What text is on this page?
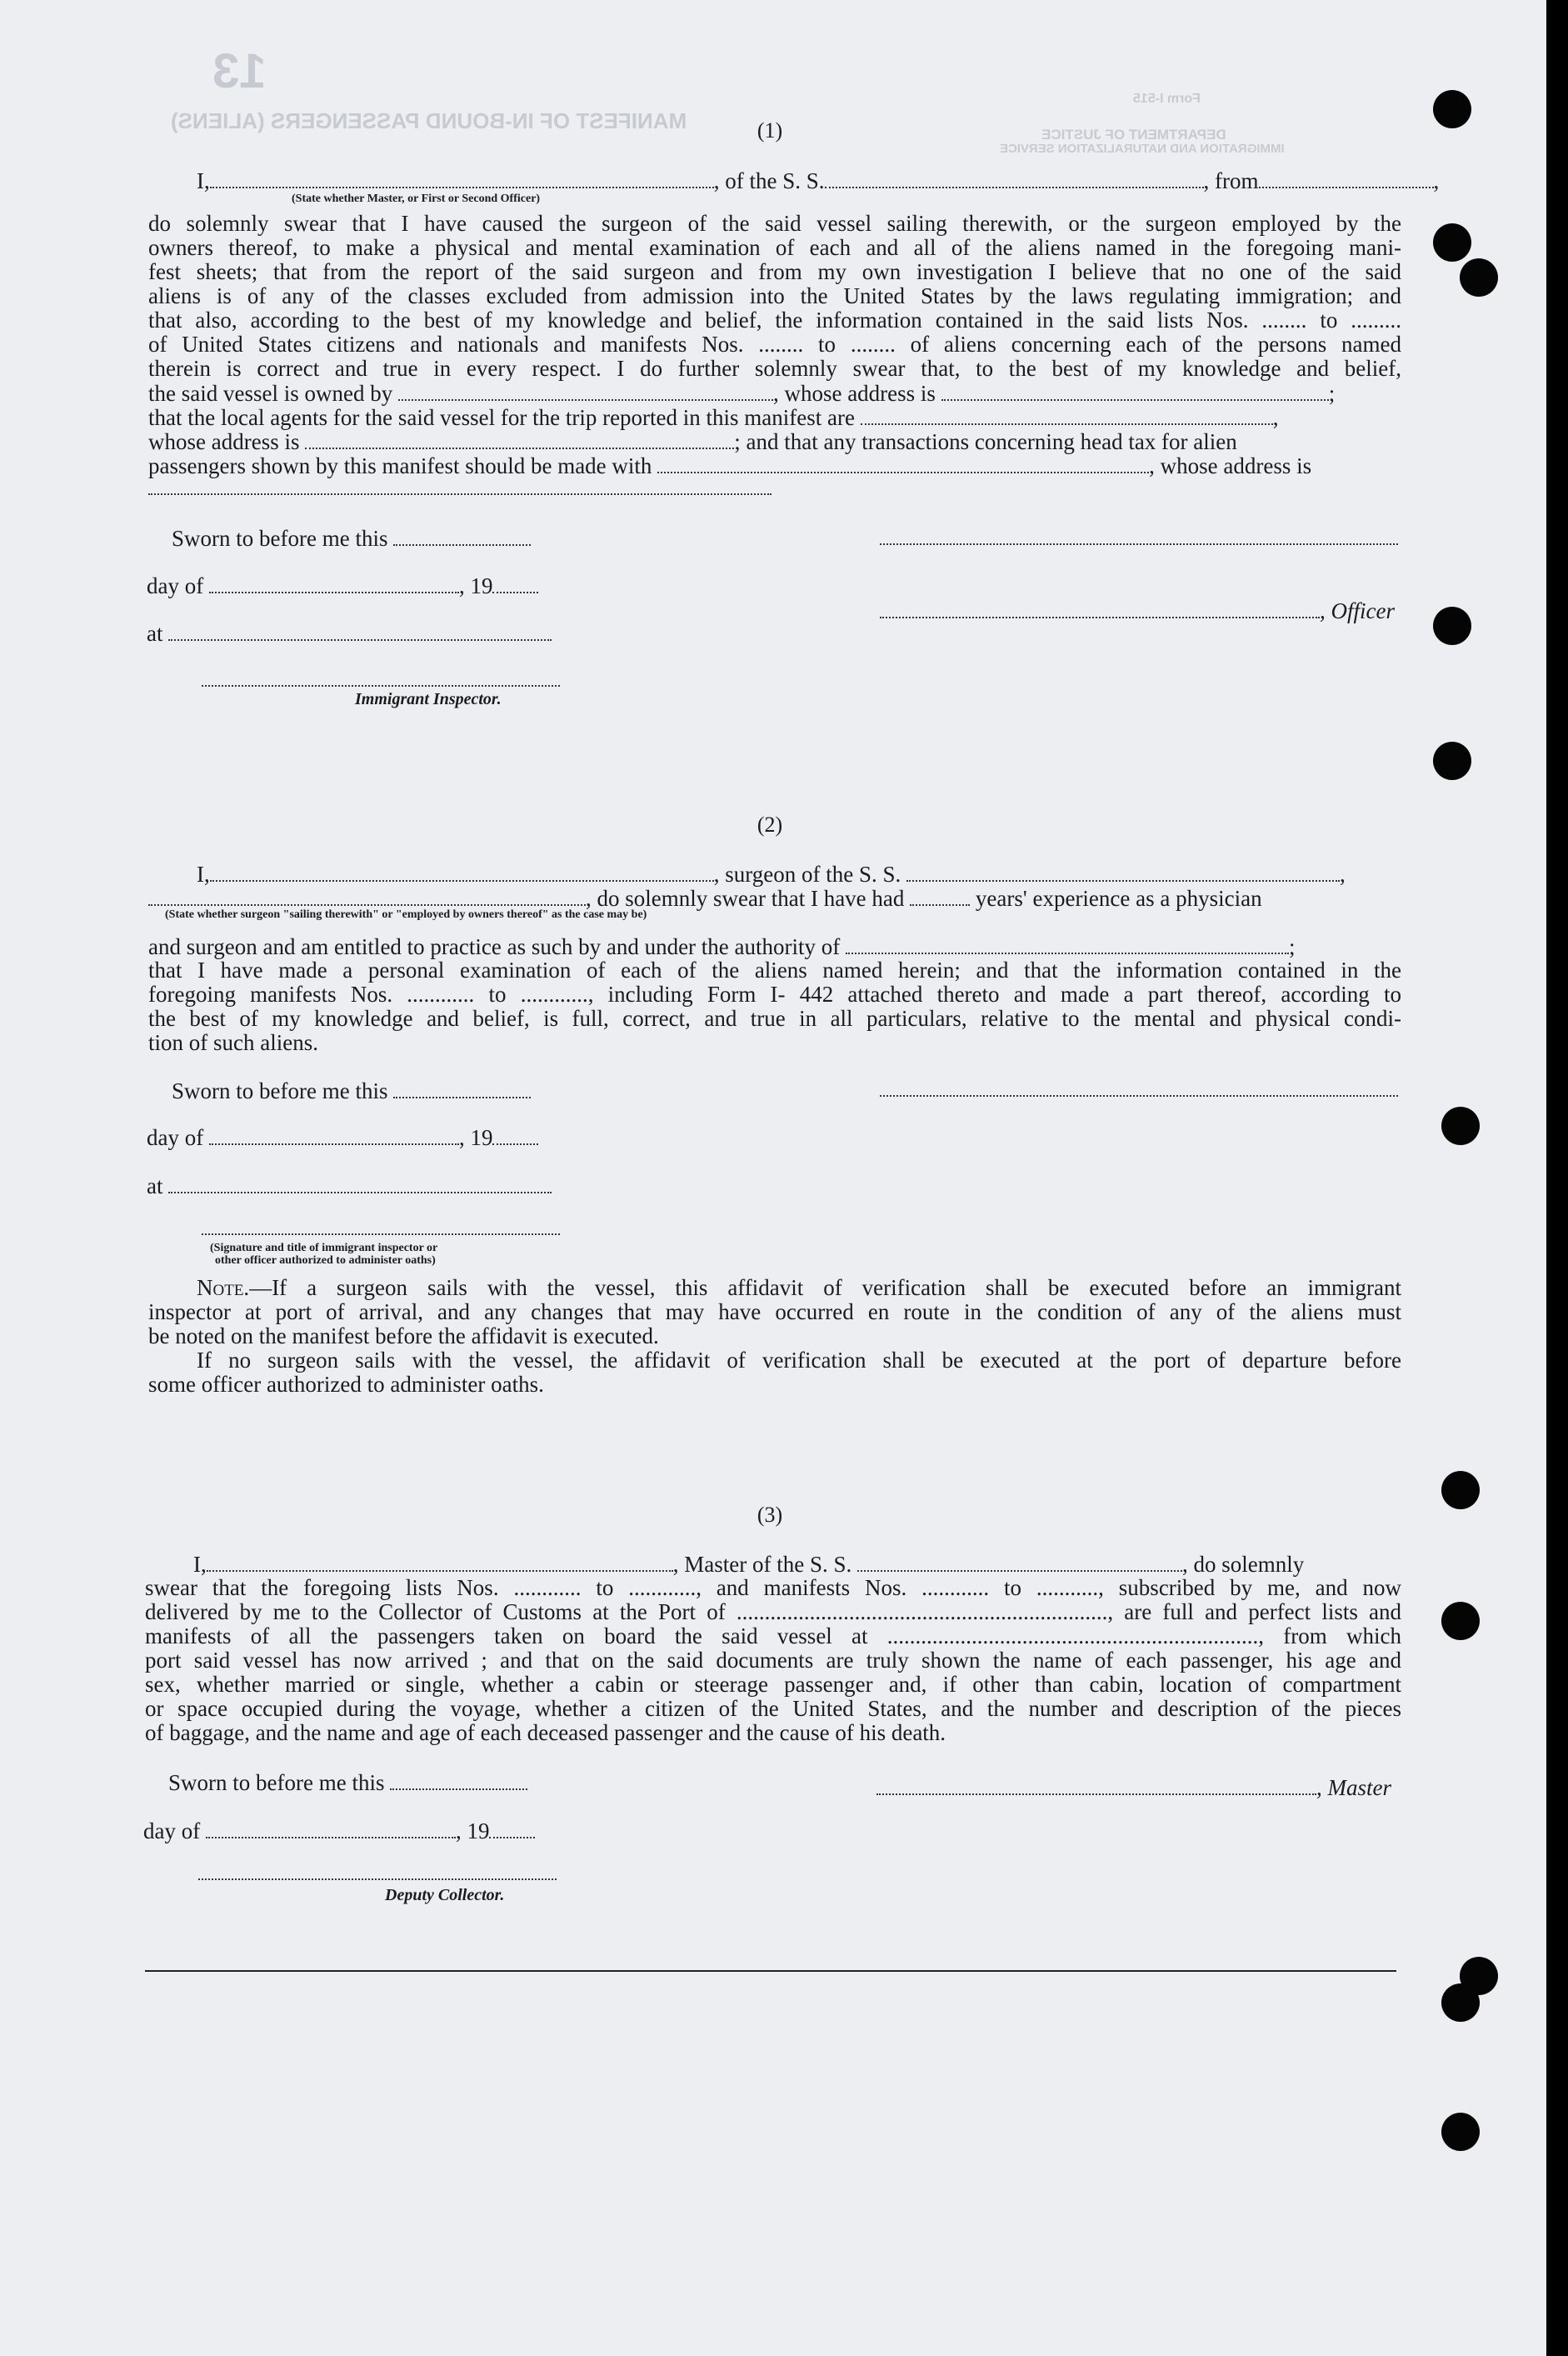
13
MANIFEST OF IN-BOUND PASSENGERS (ALIENS)
Form I-515
DEPARTMENT OF JUSTICE
IMMIGRATION AND NATURALIZATION SERVICE
(1)
I,	, of the S. S.	, from	,
(State whether Master, or First or Second Officer)
do solemnly swear that I have caused the surgeon of the said vessel sailing therewith, or the surgeon employed by the
owners thereof, to make a physical and mental examination of each and all of the aliens named in the foregoing mani-
fest sheets; that from the report of the said surgeon and from my own investigation I believe that no one of the said
aliens is of any of the classes excluded from admission into the United States by the laws regulating immigration; and
that also, according to the best of my knowledge and belief, the information contained in the said lists Nos. ........ to .........
of United States citizens and nationals and manifests Nos. ........ to ........ of aliens concerning each of the persons named
therein is correct and true in every respect. I do further solemnly swear that, to the best of my knowledge and belief,
the said vessel is owned by	, whose address is	;
that the local agents for the said vessel for the trip reported in this manifest are	,
whose address is	; and that any transactions concerning head tax for alien
passengers shown by this manifest should be made with	, whose address is
Sworn to before me this
day of	, 19
, Officer
at
Immigrant Inspector.
(2)
I,	, surgeon of the S. S.	,
, do solemnly swear that I have had	years' experience as a physician
(State whether surgeon "sailing therewith" or "employed by owners thereof" as the case may be)
and surgeon and am entitled to practice as such by and under the authority of	;
that I have made a personal examination of each of the aliens named herein; and that the information contained in the
foregoing manifests Nos. ............ to ............, including Form I- 442 attached thereto and made a part thereof, according to
the best of my knowledge and belief, is full, correct, and true in all particulars, relative to the mental and physical condi-
tion of such aliens.
Sworn to before me this
day of	, 19
at
(Signature and title of immigrant inspector or
other officer authorized to administer oaths)
Note.—If a surgeon sails with the vessel, this affidavit of verification shall be executed before an immigrant
inspector at port of arrival, and any changes that may have occurred en route in the condition of any of the aliens must
be noted on the manifest before the affidavit is executed.
If no surgeon sails with the vessel, the affidavit of verification shall be executed at the port of departure before
some officer authorized to administer oaths.
(3)
I,	, Master of the S. S.	, do solemnly
swear that the foregoing lists Nos. ............ to ............, and manifests Nos. ............ to ..........., subscribed by me, and now
delivered by me to the Collector of Customs at the Port of .................................................................., are full and perfect lists and
manifests of all the passengers taken on board the said vessel at .................................................................., from which
port said vessel has now arrived ; and that on the said documents are truly shown the name of each passenger, his age and
sex, whether married or single, whether a cabin or steerage passenger and, if other than cabin, location of compartment
or space occupied during the voyage, whether a citizen of the United States, and the number and description of the pieces
of baggage, and the name and age of each deceased passenger and the cause of his death.
Sworn to before me this	, Master
day of	, 19
Deputy Collector.
